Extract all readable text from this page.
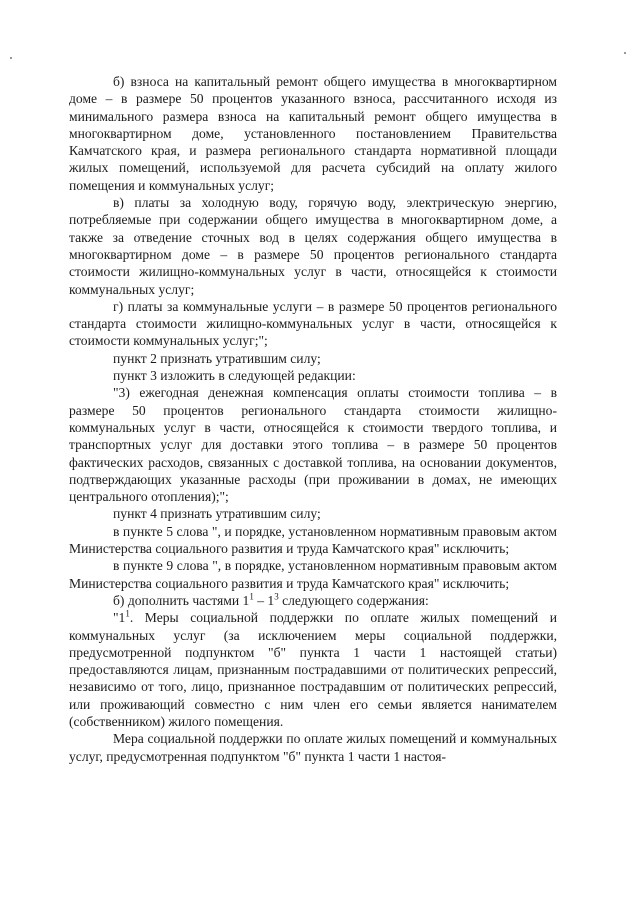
б) взноса на капитальный ремонт общего имущества в многоквартирном доме – в размере 50 процентов указанного взноса, рассчитанного исходя из минимального размера взноса на капитальный ремонт общего имущества в многоквартирном доме, установленного постановлением Правительства Камчатского края, и размера регионального стандарта нормативной площади жилых помещений, используемой для расчета субсидий на оплату жилого помещения и коммунальных услуг;

в) платы за холодную воду, горячую воду, электрическую энергию, потребляемые при содержании общего имущества в многоквартирном доме, а также за отведение сточных вод в целях содержания общего имущества в многоквартирном доме – в размере 50 процентов регионального стандарта стоимости жилищно-коммунальных услуг в части, относящейся к стоимости коммунальных услуг;

г) платы за коммунальные услуги – в размере 50 процентов регионального стандарта стоимости жилищно-коммунальных услуг в части, относящейся к стоимости коммунальных услуг;";

пункт 2 признать утратившим силу;

пункт 3 изложить в следующей редакции:

"3) ежегодная денежная компенсация оплаты стоимости топлива – в размере 50 процентов регионального стандарта стоимости жилищно-коммунальных услуг в части, относящейся к стоимости твердого топлива, и транспортных услуг для доставки этого топлива – в размере 50 процентов фактических расходов, связанных с доставкой топлива, на основании документов, подтверждающих указанные расходы (при проживании в домах, не имеющих центрального отопления);";

пункт 4 признать утратившим силу;

в пункте 5 слова ", и порядке, установленном нормативным правовым актом Министерства социального развития и труда Камчатского края" исключить;

в пункте 9 слова ", в порядке, установленном нормативным правовым актом Министерства социального развития и труда Камчатского края" исключить;

б) дополнить частями $1^1 - 1^3$ следующего содержания:

"$1^1$. Меры социальной поддержки по оплате жилых помещений и коммунальных услуг (за исключением меры социальной поддержки, предусмотренной подпунктом "б" пункта 1 части 1 настоящей статьи) предоставляются лицам, признанным пострадавшими от политических репрессий, независимо от того, лицо, признанное пострадавшим от политических репрессий, или проживающий совместно с ним член его семьи является нанимателем (собственником) жилого помещения.

Мера социальной поддержки по оплате жилых помещений и коммунальных услуг, предусмотренная подпунктом "б" пункта 1 части 1 настоя-
